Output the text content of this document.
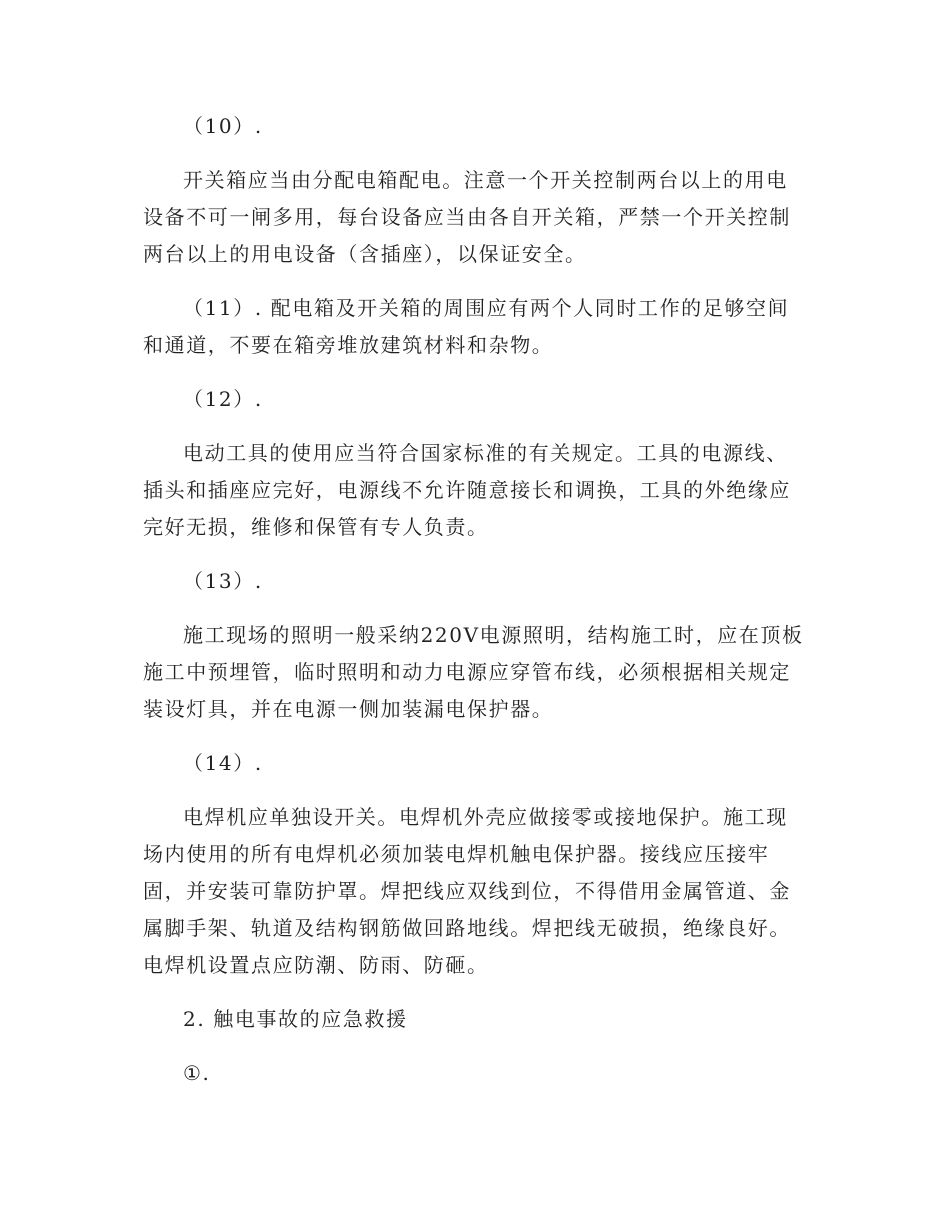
（10）.

开关箱应当由分配电箱配电。注意一个开关控制两台以上的用电设备不可一闸多用，每台设备应当由各自开关箱，严禁一个开关控制两台以上的用电设备（含插座），以保证安全。

（11）. 配电箱及开关箱的周围应有两个人同时工作的足够空间和通道，不要在箱旁堆放建筑材料和杂物。

（12）.

电动工具的使用应当符合国家标准的有关规定。工具的电源线、插头和插座应完好，电源线不允许随意接长和调换，工具的外绝缘应完好无损，维修和保管有专人负责。

（13）.

施工现场的照明一般采纳220V电源照明，结构施工时，应在顶板施工中预埋管，临时照明和动力电源应穿管布线，必须根据相关规定装设灯具，并在电源一侧加装漏电保护器。

（14）.

电焊机应单独设开关。电焊机外壳应做接零或接地保护。施工现场内使用的所有电焊机必须加装电焊机触电保护器。接线应压接牢固，并安装可靠防护罩。焊把线应双线到位，不得借用金属管道、金属脚手架、轨道及结构钢筋做回路地线。焊把线无破损，绝缘良好。电焊机设置点应防潮、防雨、防砸。

2. 触电事故的应急救援

①.
